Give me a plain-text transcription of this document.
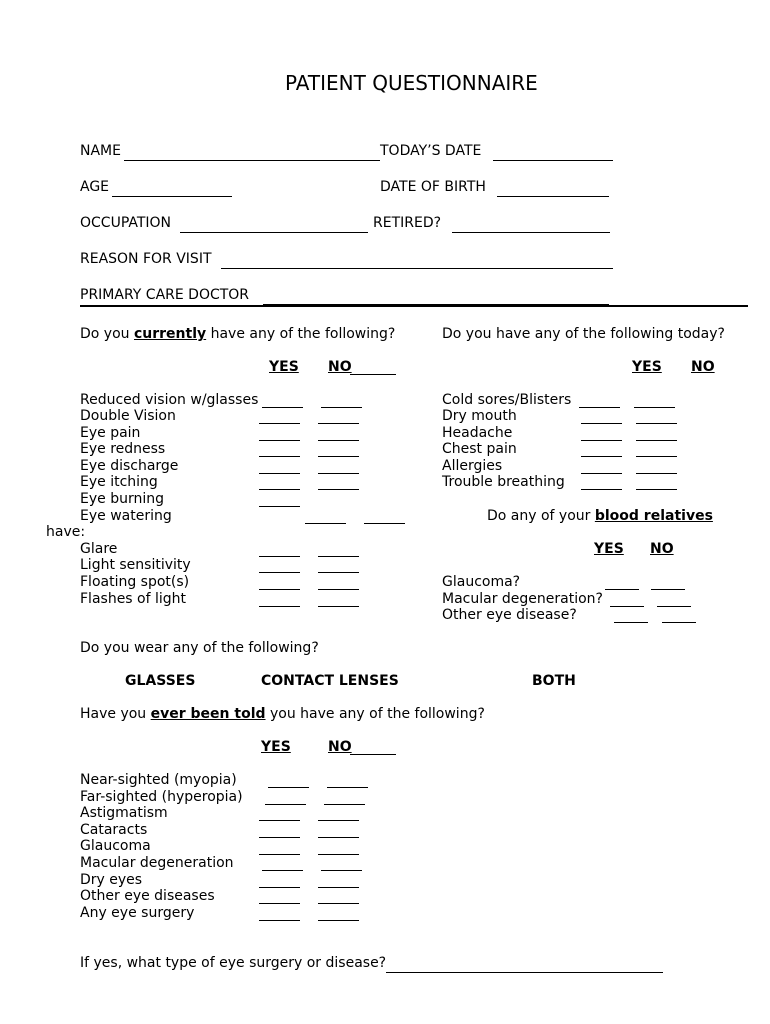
PATIENT QUESTIONNAIRE
NAME	TODAY’S DATE
AGE	DATE OF BIRTH
OCCUPATION	RETIRED?
REASON FOR VISIT
PRIMARY CARE DOCTOR
Do you currently have any of the following?
YES NO
Reduced vision w/glasses
Double Vision
Eye pain
Eye redness
Eye discharge
Eye itching
Eye burning
Eye watering
have:
Glare
Light sensitivity
Floating spot(s)
Flashes of light
Do you have any of the following today?
YES NO
Cold sores/Blisters
Dry mouth
Headache
Chest pain
Allergies
Trouble breathing
Do any of your blood relatives
YES NO
Glaucoma?
Macular degeneration?
Other eye disease?
Do you wear any of the following?
GLASSES	CONTACT LENSES	BOTH
Have you ever been told you have any of the following?
YES	NO
Near-sighted (myopia)
Far-sighted (hyperopia)
Astigmatism
Cataracts
Glaucoma
Macular degeneration
Dry eyes
Other eye diseases
Any eye surgery
If yes, what type of eye surgery or disease?
